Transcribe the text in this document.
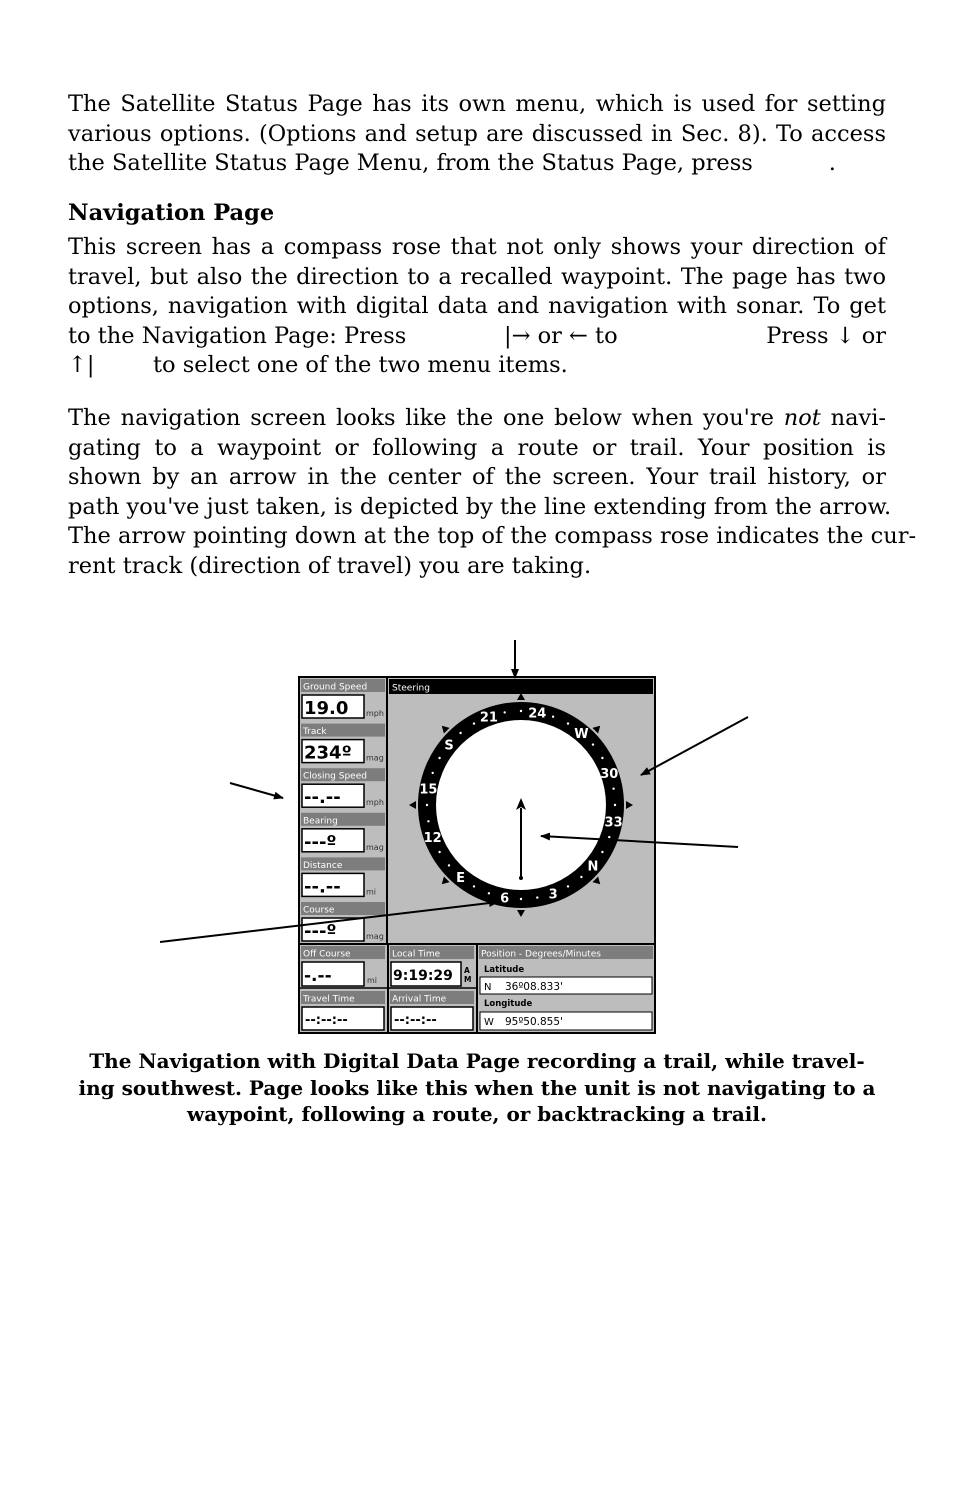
The Satellite Status Page has its own menu, which is used for setting
various options. (Options and setup are discussed in Sec. 8). To access
the Satellite Status Page Menu, from the Status Page, press	.
Navigation Page
This screen has a compass rose that not only shows your direction of
travel, but also the direction to a recalled waypoint. The page has two
options, navigation with digital data and navigation with sonar. To get
to the Navigation Page: Press	|→ or ← to	Press ↓ or
↑|	to select one of the two menu items.
The navigation screen looks like the one below when you're not navi-
gating to a waypoint or following a route or trail. Your position is
shown by an arrow in the center of the screen. Your trail history, or
path you've just taken, is depicted by the line extending from the arrow.
The arrow pointing down at the top of the compass rose indicates the cur-
rent track (direction of travel) you are taking.
Ground Speed
19.0 mph
Track
234º mag
Closing Speed
--.--	mph
Bearing
---º	mag
Distance
--.--	mi
Course
---º	mag
Steering
24
W
30
33
N
3
6
E
12
15
S
21
Off Course
-.--	mi
Local Time
9:19:29 A
M
Position - Degrees/Minutes
Latitude
N 36º08.833'
Longitude
W 95º50.855'
Travel Time
--:--:--
Arrival Time
--:--:--
The Navigation with Digital Data Page recording a trail, while travel-
ing southwest. Page looks like this when the unit is not navigating to a
waypoint, following a route, or backtracking a trail.
